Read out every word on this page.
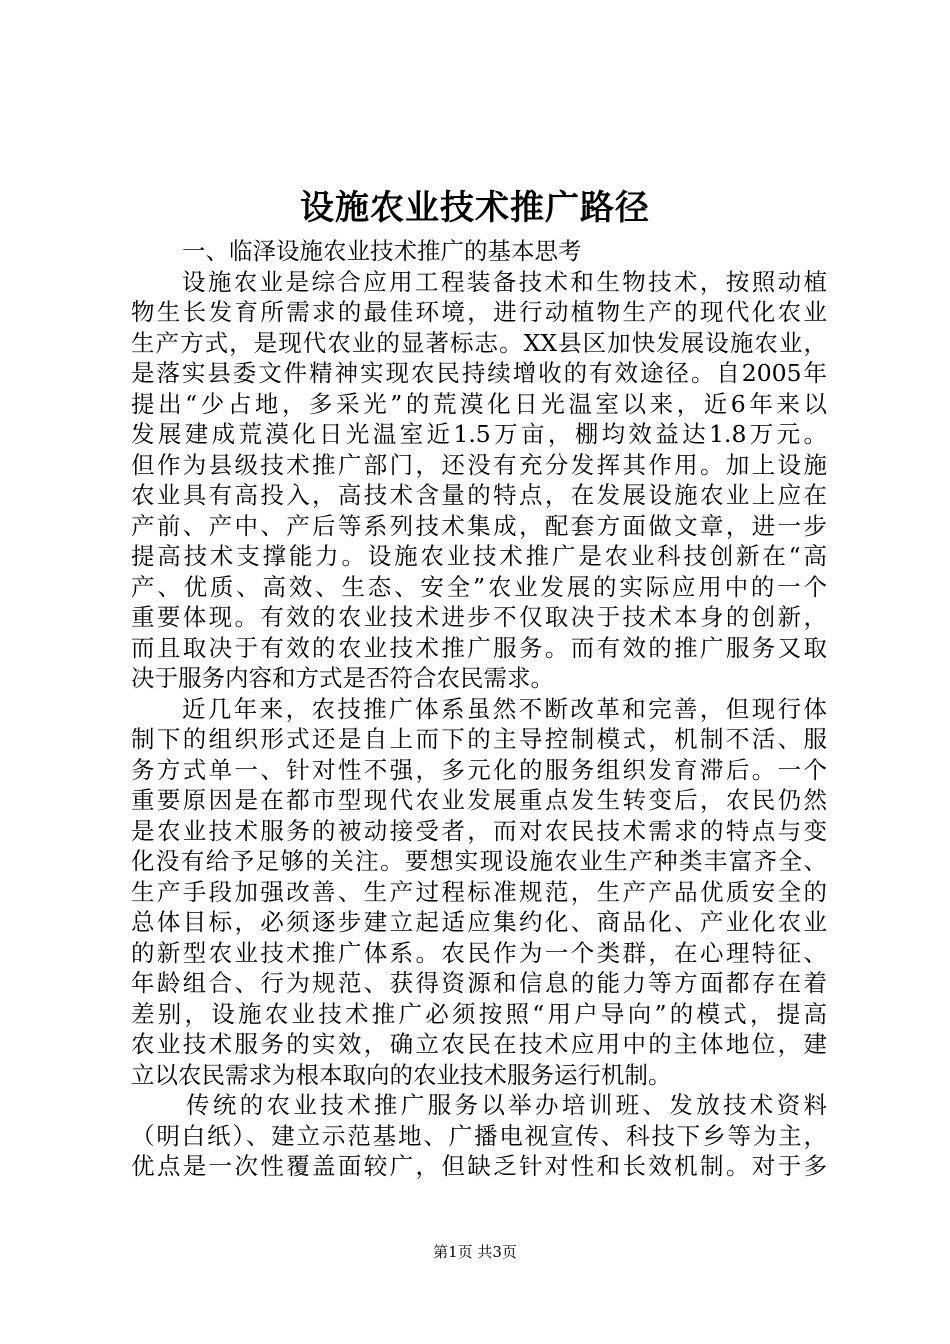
设施农业技术推广路径
一、临泽设施农业技术推广的基本思考
设施农业是综合应用工程装备技术和生物技术，按照动植
物生长发育所需求的最佳环境，进行动植物生产的现代化农业
生产方式，是现代农业的显著标志。XX县区加快发展设施农业，
是落实县委文件精神实现农民持续增收的有效途径。自2005年
提出“少占地，多采光”的荒漠化日光温室以来，近6年来以
发展建成荒漠化日光温室近1.5万亩，棚均效益达1.8万元。
但作为县级技术推广部门，还没有充分发挥其作用。加上设施
农业具有高投入，高技术含量的特点，在发展设施农业上应在
产前、产中、产后等系列技术集成，配套方面做文章，进一步
提高技术支撑能力。设施农业技术推广是农业科技创新在“高
产、优质、高效、生态、安全”农业发展的实际应用中的一个
重要体现。有效的农业技术进步不仅取决于技术本身的创新，
而且取决于有效的农业技术推广服务。而有效的推广服务又取
决于服务内容和方式是否符合农民需求。
近几年来，农技推广体系虽然不断改革和完善，但现行体
制下的组织形式还是自上而下的主导控制模式，机制不活、服
务方式单一、针对性不强，多元化的服务组织发育滞后。一个
重要原因是在都市型现代农业发展重点发生转变后，农民仍然
是农业技术服务的被动接受者，而对农民技术需求的特点与变
化没有给予足够的关注。要想实现设施农业生产种类丰富齐全、
生产手段加强改善、生产过程标准规范，生产产品优质安全的
总体目标，必须逐步建立起适应集约化、商品化、产业化农业
的新型农业技术推广体系。农民作为一个类群，在心理特征、
年龄组合、行为规范、获得资源和信息的能力等方面都存在着
差别，设施农业技术推广必须按照“用户导向”的模式，提高
农业技术服务的实效，确立农民在技术应用中的主体地位，建
立以农民需求为根本取向的农业技术服务运行机制。
传统的农业技术推广服务以举办培训班、发放技术资料
（明白纸）、建立示范基地、广播电视宣传、科技下乡等为主，
优点是一次性覆盖面较广，但缺乏针对性和长效机制。对于多
第1页 共3页
